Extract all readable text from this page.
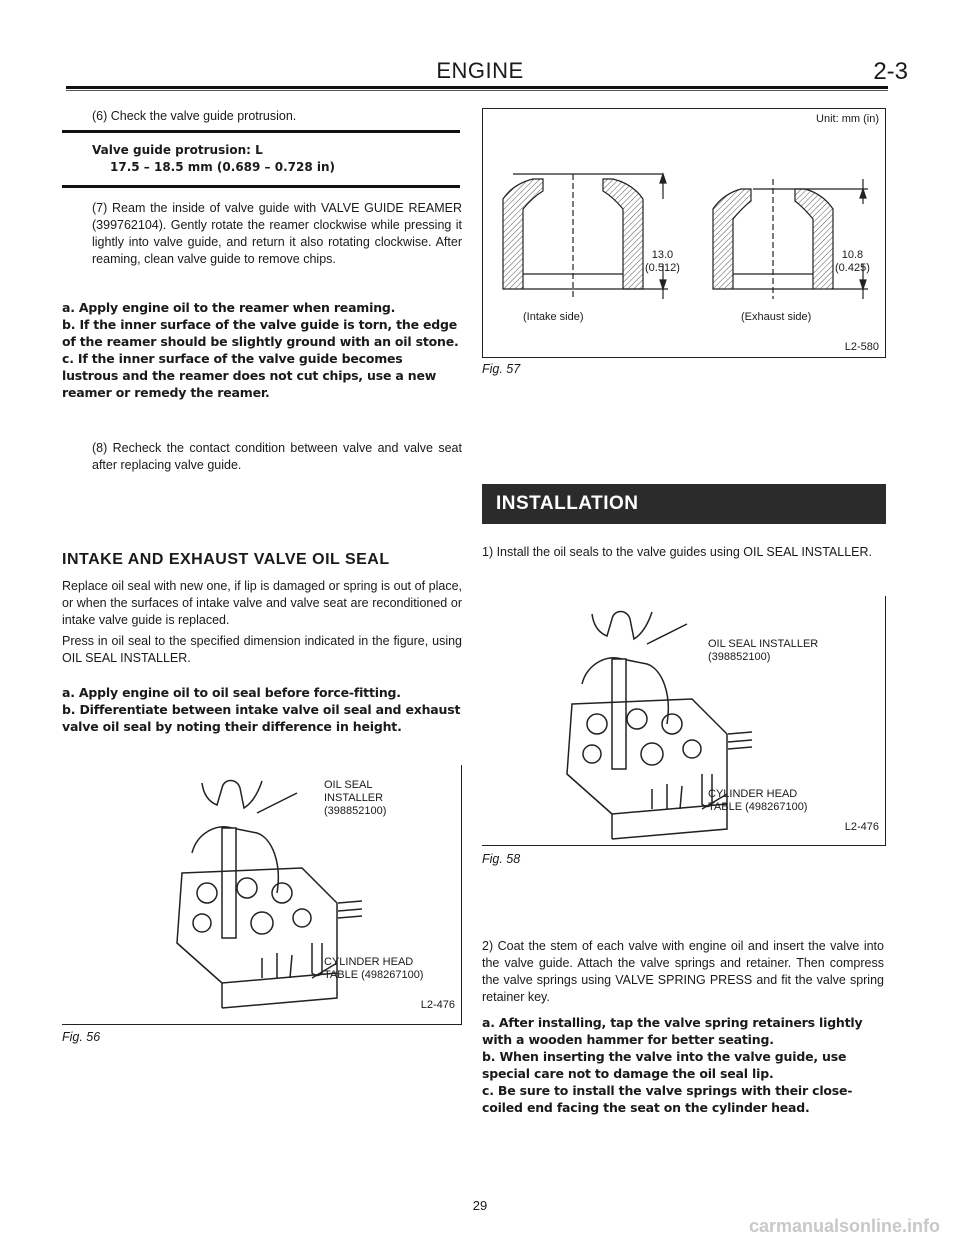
ENGINE	2-3
(6) Check the valve guide protrusion.
Valve guide protrusion: L
17.5 – 18.5 mm (0.689 – 0.728 in)
(7) Ream the inside of valve guide with VALVE GUIDE REAMER (399762104). Gently rotate the reamer clockwise while pressing it lightly into valve guide, and return it also rotating clockwise. After reaming, clean valve guide to remove chips.
a. Apply engine oil to the reamer when reaming.
b. If the inner surface of the valve guide is torn, the edge of the reamer should be slightly ground with an oil stone.
c. If the inner surface of the valve guide becomes lustrous and the reamer does not cut chips, use a new reamer or remedy the reamer.
(8) Recheck the contact condition between valve and valve seat after replacing valve guide.
INTAKE AND EXHAUST VALVE OIL SEAL
Replace oil seal with new one, if lip is damaged or spring is out of place, or when the surfaces of intake valve and valve seat are reconditioned or intake valve guide is replaced.
Press in oil seal to the specified dimension indicated in the figure, using OIL SEAL INSTALLER.
a. Apply engine oil to oil seal before force-fitting.
b. Differentiate between intake valve oil seal and exhaust valve oil seal by noting their difference in height.
OIL SEAL
INSTALLER
(398852100)
CYLINDER HEAD
TABLE (498267100)
L2-476
Fig. 56
Unit: mm (in)
13.0
(0.512)
10.8
(0.425)
(Intake side)	(Exhaust side)
L2-580
Fig. 57
INSTALLATION
1) Install the oil seals to the valve guides using OIL SEAL INSTALLER.
OIL SEAL INSTALLER
(398852100)
CYLINDER HEAD
TABLE (498267100)
L2-476
Fig. 58
2) Coat the stem of each valve with engine oil and insert the valve into the valve guide. Attach the valve springs and retainer. Then compress the valve springs using VALVE SPRING PRESS and fit the valve spring retainer key.
a. After installing, tap the valve spring retainers lightly with a wooden hammer for better seating.
b. When inserting the valve into the valve guide, use special care not to damage the oil seal lip.
c. Be sure to install the valve springs with their close-coiled end facing the seat on the cylinder head.
29
carmanualsonline.info
